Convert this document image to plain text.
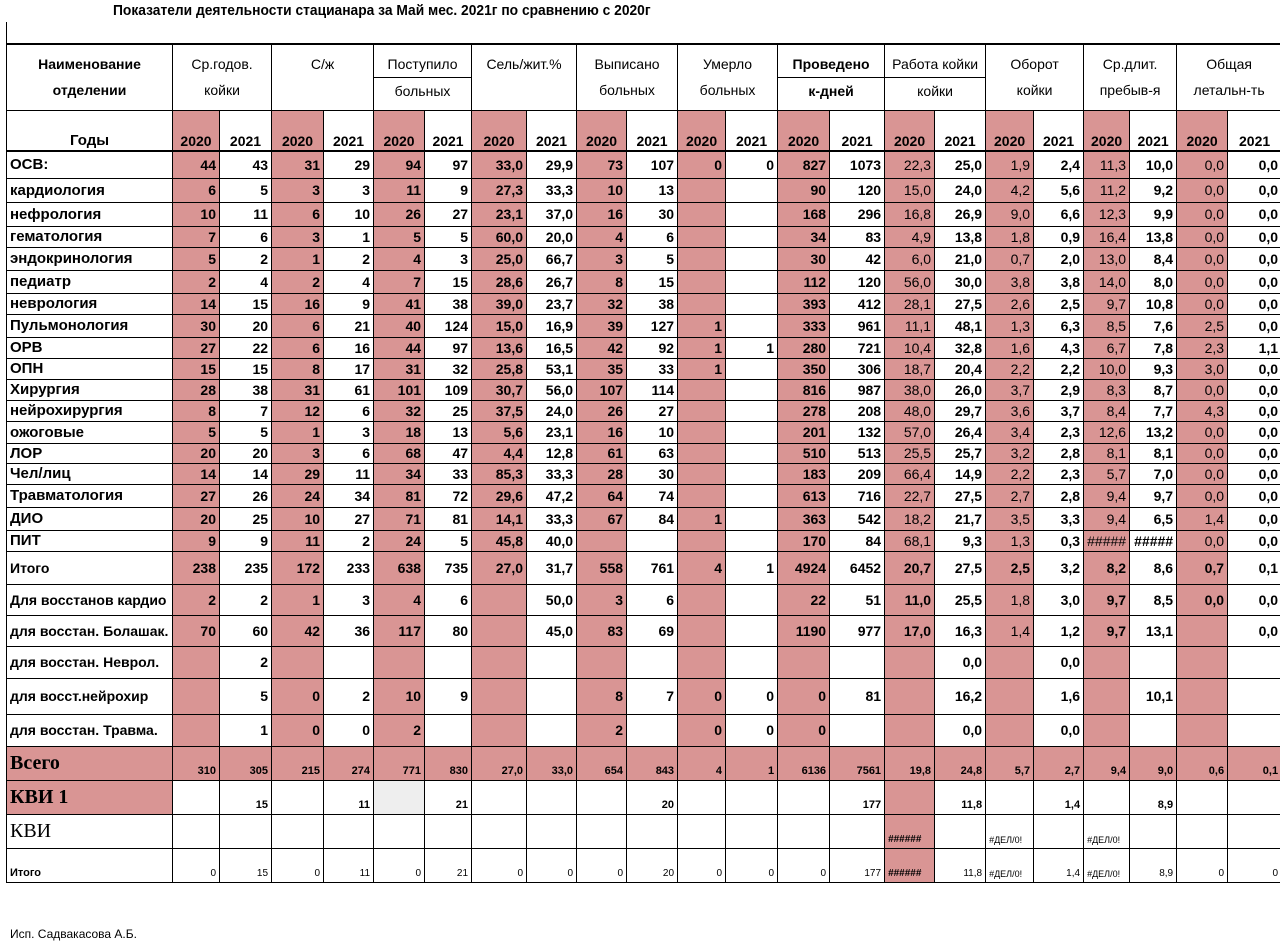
Показатели деятельности стацианара за Май мес. 2021г по сравнению с 2020г
Наименование
отделении	Ср.годов.
койки		С/ж		Поступило
больных		Сель/жит.%		Выписано
больных		Умерло
больных		Проведено
к-дней		Работа койки
койки		Оборот
койки		Ср.длит.
пребыв-я		Общая
летальн-ть	

Годы	2020	2021	2020	2021	2020	2021	2020	2021	2020	2021	2020	2021	2020	2021	2020	2021	2020	2021	2020	2021	2020	2021
ОСВ:	44	43	31	29	94	97	33,0	29,9	73	107	0	0	827	1073	22,3	25,0	1,9	2,4	11,3	10,0	0,0	0,0
кардиология	6	5	3	3	11	9	27,3	33,3	10	13			90	120	15,0	24,0	4,2	5,6	11,2	9,2	0,0	0,0
нефрология	10	11	6	10	26	27	23,1	37,0	16	30			168	296	16,8	26,9	9,0	6,6	12,3	9,9	0,0	0,0
гематология	7	6	3	1	5	5	60,0	20,0	4	6			34	83	4,9	13,8	1,8	0,9	16,4	13,8	0,0	0,0
эндокринология	5	2	1	2	4	3	25,0	66,7	3	5			30	42	6,0	21,0	0,7	2,0	13,0	8,4	0,0	0,0
педиатр	2	4	2	4	7	15	28,6	26,7	8	15			112	120	56,0	30,0	3,8	3,8	14,0	8,0	0,0	0,0
неврология	14	15	16	9	41	38	39,0	23,7	32	38			393	412	28,1	27,5	2,6	2,5	9,7	10,8	0,0	0,0
Пульмонология	30	20	6	21	40	124	15,0	16,9	39	127	1		333	961	11,1	48,1	1,3	6,3	8,5	7,6	2,5	0,0
ОРВ	27	22	6	16	44	97	13,6	16,5	42	92	1	1	280	721	10,4	32,8	1,6	4,3	6,7	7,8	2,3	1,1
ОПН	15	15	8	17	31	32	25,8	53,1	35	33	1		350	306	18,7	20,4	2,2	2,2	10,0	9,3	3,0	0,0
Хирургия	28	38	31	61	101	109	30,7	56,0	107	114			816	987	38,0	26,0	3,7	2,9	8,3	8,7	0,0	0,0
нейрохирургия	8	7	12	6	32	25	37,5	24,0	26	27			278	208	48,0	29,7	3,6	3,7	8,4	7,7	4,3	0,0
ожоговые	5	5	1	3	18	13	5,6	23,1	16	10			201	132	57,0	26,4	3,4	2,3	12,6	13,2	0,0	0,0
ЛОР	20	20	3	6	68	47	4,4	12,8	61	63			510	513	25,5	25,7	3,2	2,8	8,1	8,1	0,0	0,0
Чел/лиц	14	14	29	11	34	33	85,3	33,3	28	30			183	209	66,4	14,9	2,2	2,3	5,7	7,0	0,0	0,0
Травматология	27	26	24	34	81	72	29,6	47,2	64	74			613	716	22,7	27,5	2,7	2,8	9,4	9,7	0,0	0,0
ДИО	20	25	10	27	71	81	14,1	33,3	67	84	1		363	542	18,2	21,7	3,5	3,3	9,4	6,5	1,4	0,0
ПИТ	9	9	11	2	24	5	45,8	40,0					170	84	68,1	9,3	1,3	0,3	#####	#####	0,0	0,0
Итого	238	235	172	233	638	735	27,0	31,7	558	761	4	1	4924	6452	20,7	27,5	2,5	3,2	8,2	8,6	0,7	0,1
Для восстанов кардио	2	2	1	3	4	6		50,0	3	6			22	51	11,0	25,5	1,8	3,0	9,7	8,5	0,0	0,0
для восстан. Болашак.	70	60	42	36	117	80		45,0	83	69			1190	977	17,0	16,3	1,4	1,2	9,7	13,1		0,0
для восстан. Неврол.		2														0,0		0,0				
для восст.нейрохир		5	0	2	10	9			8	7	0	0	0	81		16,2		1,6		10,1		
для восстан. Травма.		1	0	0	2				2		0	0	0			0,0		0,0				
Всего	310	305	215	274	771	830	27,0	33,0	654	843	4	1	6136	7561	19,8	24,8	5,7	2,7	9,4	9,0	0,6	0,1
КВИ 1		15		11		21				20				177		11,8		1,4		8,9		
КВИ															######		#ДЕЛ/0!		#ДЕЛ/0!			
Итого	0	15	0	11	0	21	0	0	0	20	0	0	0	177	######	11,8	#ДЕЛ/0!	1,4	#ДЕЛ/0!	8,9	0	0
Исп. Садвакасова А.Б.
